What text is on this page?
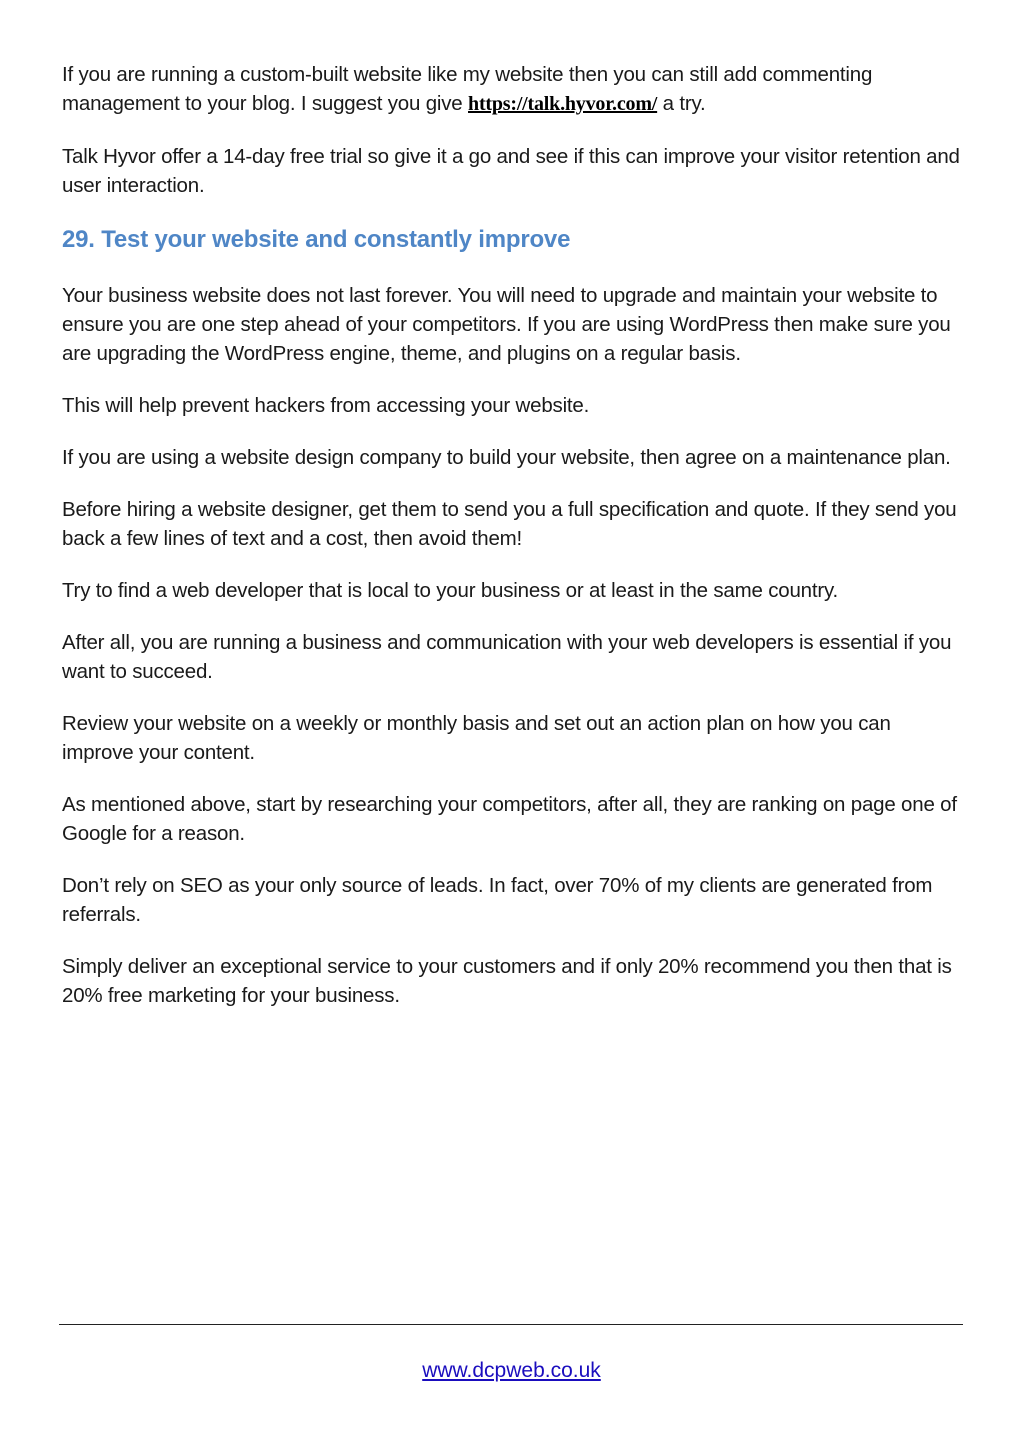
If you are running a custom-built website like my website then you can still add commenting management to your blog. I suggest you give https://talk.hyvor.com/ a try.

Talk Hyvor offer a 14-day free trial so give it a go and see if this can improve your visitor retention and user interaction.

29. Test your website and constantly improve

Your business website does not last forever. You will need to upgrade and maintain your website to ensure you are one step ahead of your competitors. If you are using WordPress then make sure you are upgrading the WordPress engine, theme, and plugins on a regular basis.

This will help prevent hackers from accessing your website.

If you are using a website design company to build your website, then agree on a maintenance plan.

Before hiring a website designer, get them to send you a full specification and quote. If they send you back a few lines of text and a cost, then avoid them!

Try to find a web developer that is local to your business or at least in the same country.

After all, you are running a business and communication with your web developers is essential if you want to succeed.

Review your website on a weekly or monthly basis and set out an action plan on how you can improve your content.

As mentioned above, start by researching your competitors, after all, they are ranking on page one of Google for a reason.

Don’t rely on SEO as your only source of leads. In fact, over 70% of my clients are generated from referrals.

Simply deliver an exceptional service to your customers and if only 20% recommend you then that is 20% free marketing for your business.

www.dcpweb.co.uk
